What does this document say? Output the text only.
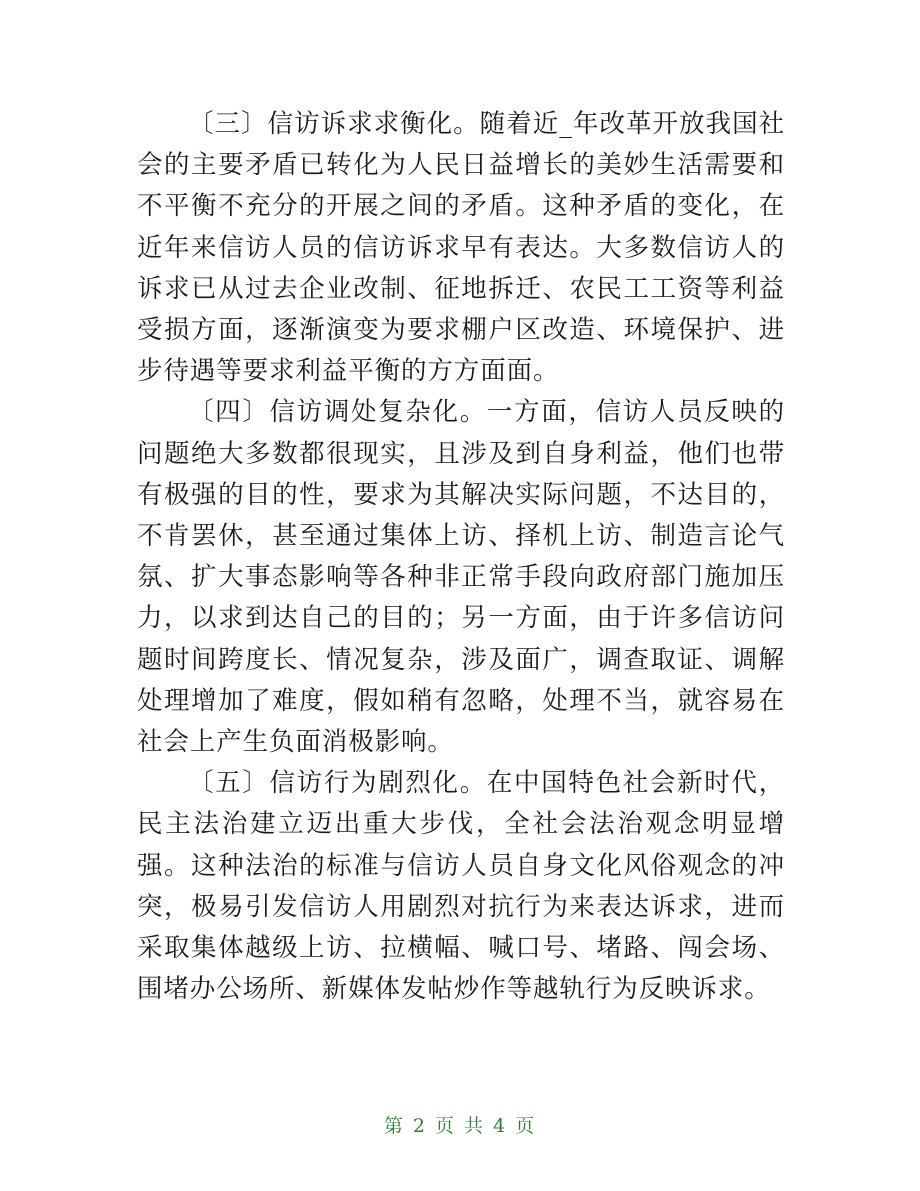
〔三〕信访诉求求衡化。随着近_年改革开放我国社会的主要矛盾已转化为人民日益增长的美妙生活需要和不平衡不充分的开展之间的矛盾。这种矛盾的变化，在近年来信访人员的信访诉求早有表达。大多数信访人的诉求已从过去企业改制、征地拆迁、农民工工资等利益受损方面，逐渐演变为要求棚户区改造、环境保护、进步待遇等要求利益平衡的方方面面。

〔四〕信访调处复杂化。一方面，信访人员反映的问题绝大多数都很现实，且涉及到自身利益，他们也带有极强的目的性，要求为其解决实际问题，不达目的，不肯罢休，甚至通过集体上访、择机上访、制造言论气氛、扩大事态影响等各种非正常手段向政府部门施加压力，以求到达自己的目的；另一方面，由于许多信访问题时间跨度长、情况复杂，涉及面广，调查取证、调解处理增加了难度，假如稍有忽略，处理不当，就容易在社会上产生负面消极影响。

〔五〕信访行为剧烈化。在中国特色社会新时代，民主法治建立迈出重大步伐，全社会法治观念明显增强。这种法治的标准与信访人员自身文化风俗观念的冲突，极易引发信访人用剧烈对抗行为来表达诉求，进而采取集体越级上访、拉横幅、喊口号、堵路、闯会场、围堵办公场所、新媒体发帖炒作等越轨行为反映诉求。

第 2 页 共 4 页
